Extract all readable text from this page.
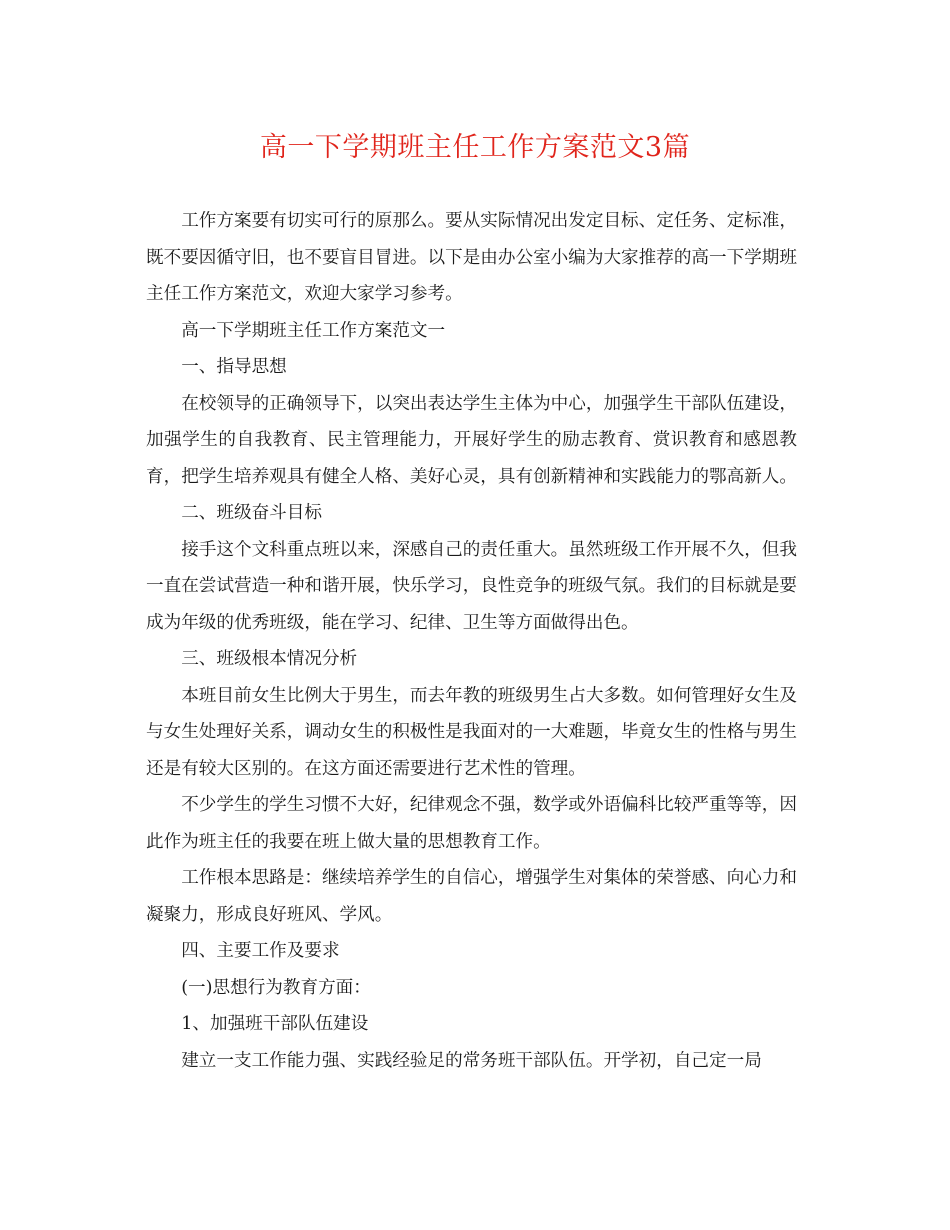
高一下学期班主任工作方案范文3篇

工作方案要有切实可行的原那么。要从实际情况出发定目标、定任务、定标准，既不要因循守旧，也不要盲目冒进。以下是由办公室小编为大家推荐的高一下学期班主任工作方案范文，欢迎大家学习参考。

高一下学期班主任工作方案范文一

一、指导思想

在校领导的正确领导下，以突出表达学生主体为中心，加强学生干部队伍建设，加强学生的自我教育、民主管理能力，开展好学生的励志教育、赏识教育和感恩教育，把学生培养观具有健全人格、美好心灵，具有创新精神和实践能力的鄂高新人。

二、班级奋斗目标

接手这个文科重点班以来，深感自己的责任重大。虽然班级工作开展不久，但我一直在尝试营造一种和谐开展，快乐学习，良性竞争的班级气氛。我们的目标就是要成为年级的优秀班级，能在学习、纪律、卫生等方面做得出色。

三、班级根本情况分析

本班目前女生比例大于男生，而去年教的班级男生占大多数。如何管理好女生及与女生处理好关系，调动女生的积极性是我面对的一大难题，毕竟女生的性格与男生还是有较大区别的。在这方面还需要进行艺术性的管理。

不少学生的学生习惯不大好，纪律观念不强，数学或外语偏科比较严重等等，因此作为班主任的我要在班上做大量的思想教育工作。

工作根本思路是：继续培养学生的自信心，增强学生对集体的荣誉感、向心力和凝聚力，形成良好班风、学风。

四、主要工作及要求

(一)思想行为教育方面：

1、加强班干部队伍建设

建立一支工作能力强、实践经验足的常务班干部队伍。开学初，自己定一局
